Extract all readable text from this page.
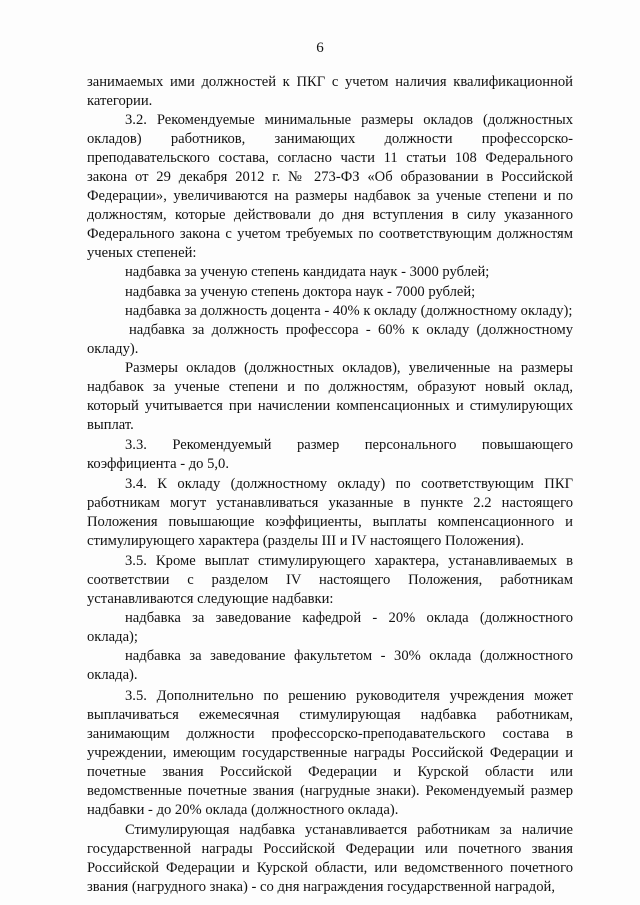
6

занимаемых ими должностей к ПКГ с учетом наличия квалификационной категории.

3.2. Рекомендуемые минимальные размеры окладов (должностных окладов) работников, занимающих должности профессорско-преподавательского состава, согласно части 11 статьи 108 Федерального закона от 29 декабря 2012 г. № 273-ФЗ «Об образовании в Российской Федерации», увеличиваются на размеры надбавок за ученые степени и по должностям, которые действовали до дня вступления в силу указанного Федерального закона с учетом требуемых по соответствующим должностям ученых степеней:

надбавка за ученую степень кандидата наук - 3000 рублей;

надбавка за ученую степень доктора наук - 7000 рублей;

надбавка за должность доцента - 40% к окладу (должностному окладу);

надбавка за должность профессора - 60% к окладу (должностному окладу).

Размеры окладов (должностных окладов), увеличенные на размеры надбавок за ученые степени и по должностям, образуют новый оклад, который учитывается при начислении компенсационных и стимулирующих выплат.

3.3. Рекомендуемый размер персонального повышающего коэффициента - до 5,0.

3.4. К окладу (должностному окладу) по соответствующим ПКГ работникам могут устанавливаться указанные в пункте 2.2 настоящего Положения повышающие коэффициенты, выплаты компенсационного и стимулирующего характера (разделы III и IV настоящего Положения).

3.5. Кроме выплат стимулирующего характера, устанавливаемых в соответствии с разделом IV настоящего Положения, работникам устанавливаются следующие надбавки:

надбавка за заведование кафедрой - 20% оклада (должностного оклада);

надбавка за заведование факультетом - 30% оклада (должностного оклада).

3.5. Дополнительно по решению руководителя учреждения может выплачиваться ежемесячная стимулирующая надбавка работникам, занимающим должности профессорско-преподавательского состава в учреждении, имеющим государственные награды Российской Федерации и почетные звания Российской Федерации и Курской области или ведомственные почетные звания (нагрудные знаки). Рекомендуемый размер надбавки - до 20% оклада (должностного оклада).

Стимулирующая надбавка устанавливается работникам за наличие государственной награды Российской Федерации или почетного звания Российской Федерации и Курской области, или ведомственного почетного звания (нагрудного знака) - со дня награждения государственной наградой,
